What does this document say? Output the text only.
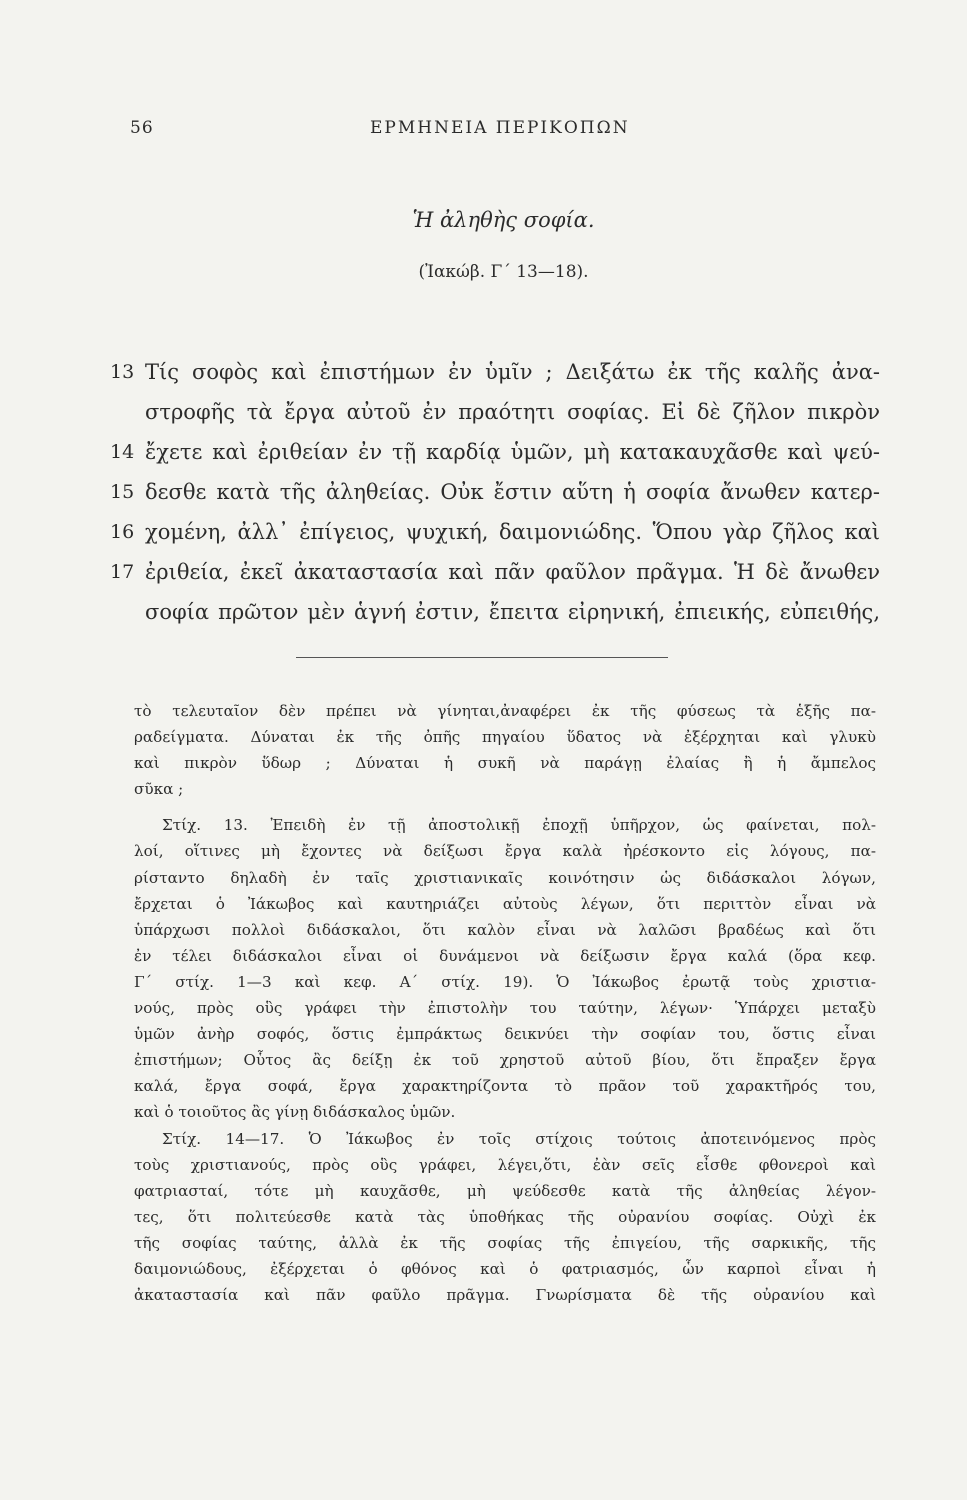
56	ΕΡΜΗΝΕΙΑ ΠΕΡΙΚΟΠΩΝ
Ἡ ἀληθὴς σοφία.
(Ἰακώβ. Γ΄ 13—18).
13 Τίς σοφὸς καὶ ἐπιστήμων ἐν ὑμῖν ; Δειξάτω ἐκ τῆς καλῆς ἀνα-
στροφῆς τὰ ἔργα αὐτοῦ ἐν πραότητι σοφίας. Εἰ δὲ ζῆλον πικρὸν
14 ἔχετε καὶ ἐριθείαν ἐν τῇ καρδίᾳ ὑμῶν, μὴ κατακαυχᾶσθε καὶ ψεύ-
15 δεσθε κατὰ τῆς ἀληθείας. Οὐκ ἔστιν αὕτη ἡ σοφία ἄνωθεν κατερ-
16 χομένη, ἀλλ᾽ ἐπίγειος, ψυχική, δαιμονιώδης. Ὅπου γὰρ ζῆλος καὶ
17 ἐριθεία, ἐκεῖ ἀκαταστασία καὶ πᾶν φαῦλον πρᾶγμα. Ἡ δὲ ἄνωθεν
σοφία πρῶτον μὲν ἁγνή ἐστιν, ἔπειτα εἰρηνική, ἐπιεικής, εὐπειθής,
τὸ τελευταῖον δὲν πρέπει νὰ γίνηται,ἀναφέρει ἐκ τῆς φύσεως τὰ ἑξῆς πα-
ραδείγματα. Δύναται ἐκ τῆς ὀπῆς πηγαίου ὕδατος νὰ ἐξέρχηται καὶ γλυκὺ
καὶ πικρὸν ὕδωρ ; Δύναται ἡ συκῆ νὰ παράγῃ ἐλαίας ἢ ἡ ἄμπελος
σῦκα ;
Στίχ. 13. Ἐπειδὴ ἐν τῇ ἀποστολικῇ ἐποχῇ ὑπῆρχον, ὡς φαίνεται, πολ-
λοί, οἵτινες μὴ ἔχοντες νὰ δείξωσι ἔργα καλὰ ἠρέσκοντο εἰς λόγους, πα-
ρίσταντο δηλαδὴ ἐν ταῖς χριστιανικαῖς κοινότησιν ὡς διδάσκαλοι λόγων,
ἔρχεται ὁ Ἰάκωβος καὶ καυτηριάζει αὐτοὺς λέγων, ὅτι περιττὸν εἶναι νὰ
ὑπάρχωσι πολλοὶ διδάσκαλοι, ὅτι καλὸν εἶναι νὰ λαλῶσι βραδέως καὶ ὅτι
ἐν τέλει διδάσκαλοι εἶναι οἱ δυνάμενοι νὰ δείξωσιν ἔργα καλά (ὅρα κεφ.
Γ΄ στίχ. 1—3 καὶ κεφ. Α΄ στίχ. 19). Ὁ Ἰάκωβος ἐρωτᾷ τοὺς χριστια-
νούς, πρὸς οὓς γράφει τὴν ἐπιστολὴν του ταύτην, λέγων· Ὑπάρχει μεταξὺ
ὑμῶν ἀνὴρ σοφός, ὅστις ἐμπράκτως δεικνύει τὴν σοφίαν του, ὅστις εἶναι
ἐπιστήμων; Οὗτος ἂς δείξῃ ἐκ τοῦ χρηστοῦ αὐτοῦ βίου, ὅτι ἔπραξεν ἔργα
καλά, ἔργα σοφά, ἔργα χαρακτηρίζοντα τὸ πρᾶον τοῦ χαρακτῆρός του,
καὶ ὁ τοιοῦτος ἂς γίνῃ διδάσκαλος ὑμῶν.
Στίχ. 14—17. Ὁ Ἰάκωβος ἐν τοῖς στίχοις τούτοις ἀποτεινόμενος πρὸς
τοὺς χριστιανούς, πρὸς οὓς γράφει, λέγει,ὅτι, ἐὰν σεῖς εἶσθε φθονεροὶ καὶ
φατριασταί, τότε μὴ καυχᾶσθε, μὴ ψεύδεσθε κατὰ τῆς ἀληθείας λέγον-
τες, ὅτι πολιτεύεσθε κατὰ τὰς ὑποθήκας τῆς οὐρανίου σοφίας. Οὐχὶ ἐκ
τῆς σοφίας ταύτης, ἀλλὰ ἐκ τῆς σοφίας τῆς ἐπιγείου, τῆς σαρκικῆς, τῆς
δαιμονιώδους, ἐξέρχεται ὁ φθόνος καὶ ὁ φατριασμός, ὧν καρποὶ εἶναι ἡ
ἀκαταστασία καὶ πᾶν φαῦλο πρᾶγμα. Γνωρίσματα δὲ τῆς οὐρανίου καὶ
